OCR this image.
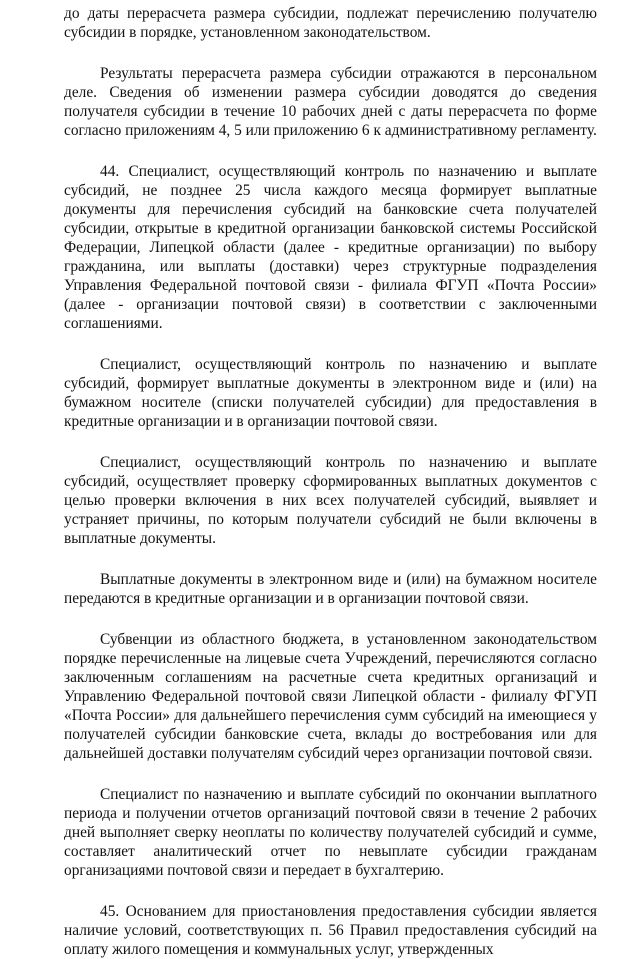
до даты перерасчета размера субсидии, подлежат перечислению получателю субсидии в порядке, установленном законодательством.

Результаты перерасчета размера субсидии отражаются в персональном деле. Сведения об изменении размера субсидии доводятся до сведения получателя субсидии в течение 10 рабочих дней с даты перерасчета по форме согласно приложениям 4, 5 или приложению 6 к административному регламенту.

44. Специалист, осуществляющий контроль по назначению и выплате субсидий, не позднее 25 числа каждого месяца формирует выплатные документы для перечисления субсидий на банковские счета получателей субсидии, открытые в кредитной организации банковской системы Российской Федерации, Липецкой области (далее - кредитные организации) по выбору гражданина, или выплаты (доставки) через структурные подразделения Управления Федеральной почтовой связи - филиала ФГУП «Почта России» (далее - организации почтовой связи) в соответствии с заключенными соглашениями.

Специалист, осуществляющий контроль по назначению и выплате субсидий, формирует выплатные документы в электронном виде и (или) на бумажном носителе (списки получателей субсидии) для предоставления в кредитные организации и в организации почтовой связи.

Специалист, осуществляющий контроль по назначению и выплате субсидий, осуществляет проверку сформированных выплатных документов с целью проверки включения в них всех получателей субсидий, выявляет и устраняет причины, по которым получатели субсидий не были включены в выплатные документы.

Выплатные документы в электронном виде и (или) на бумажном носителе передаются в кредитные организации и в организации почтовой связи.

Субвенции из областного бюджета, в установленном законодательством порядке перечисленные на лицевые счета Учреждений, перечисляются согласно заключенным соглашениям на расчетные счета кредитных организаций и Управлению Федеральной почтовой связи Липецкой области - филиалу ФГУП «Почта России» для дальнейшего перечисления сумм субсидий на имеющиеся у получателей субсидии банковские счета, вклады до востребования или для дальнейшей доставки получателям субсидий через организации почтовой связи.

Специалист по назначению и выплате субсидий по окончании выплатного периода и получении отчетов организаций почтовой связи в течение 2 рабочих дней выполняет сверку неоплаты по количеству получателей субсидий и сумме, составляет аналитический отчет по невыплате субсидии гражданам организациями почтовой связи и передает в бухгалтерию.

45. Основанием для приостановления предоставления субсидии является наличие условий, соответствующих п. 56 Правил предоставления субсидий на оплату жилого помещения и коммунальных услуг, утвержденных
